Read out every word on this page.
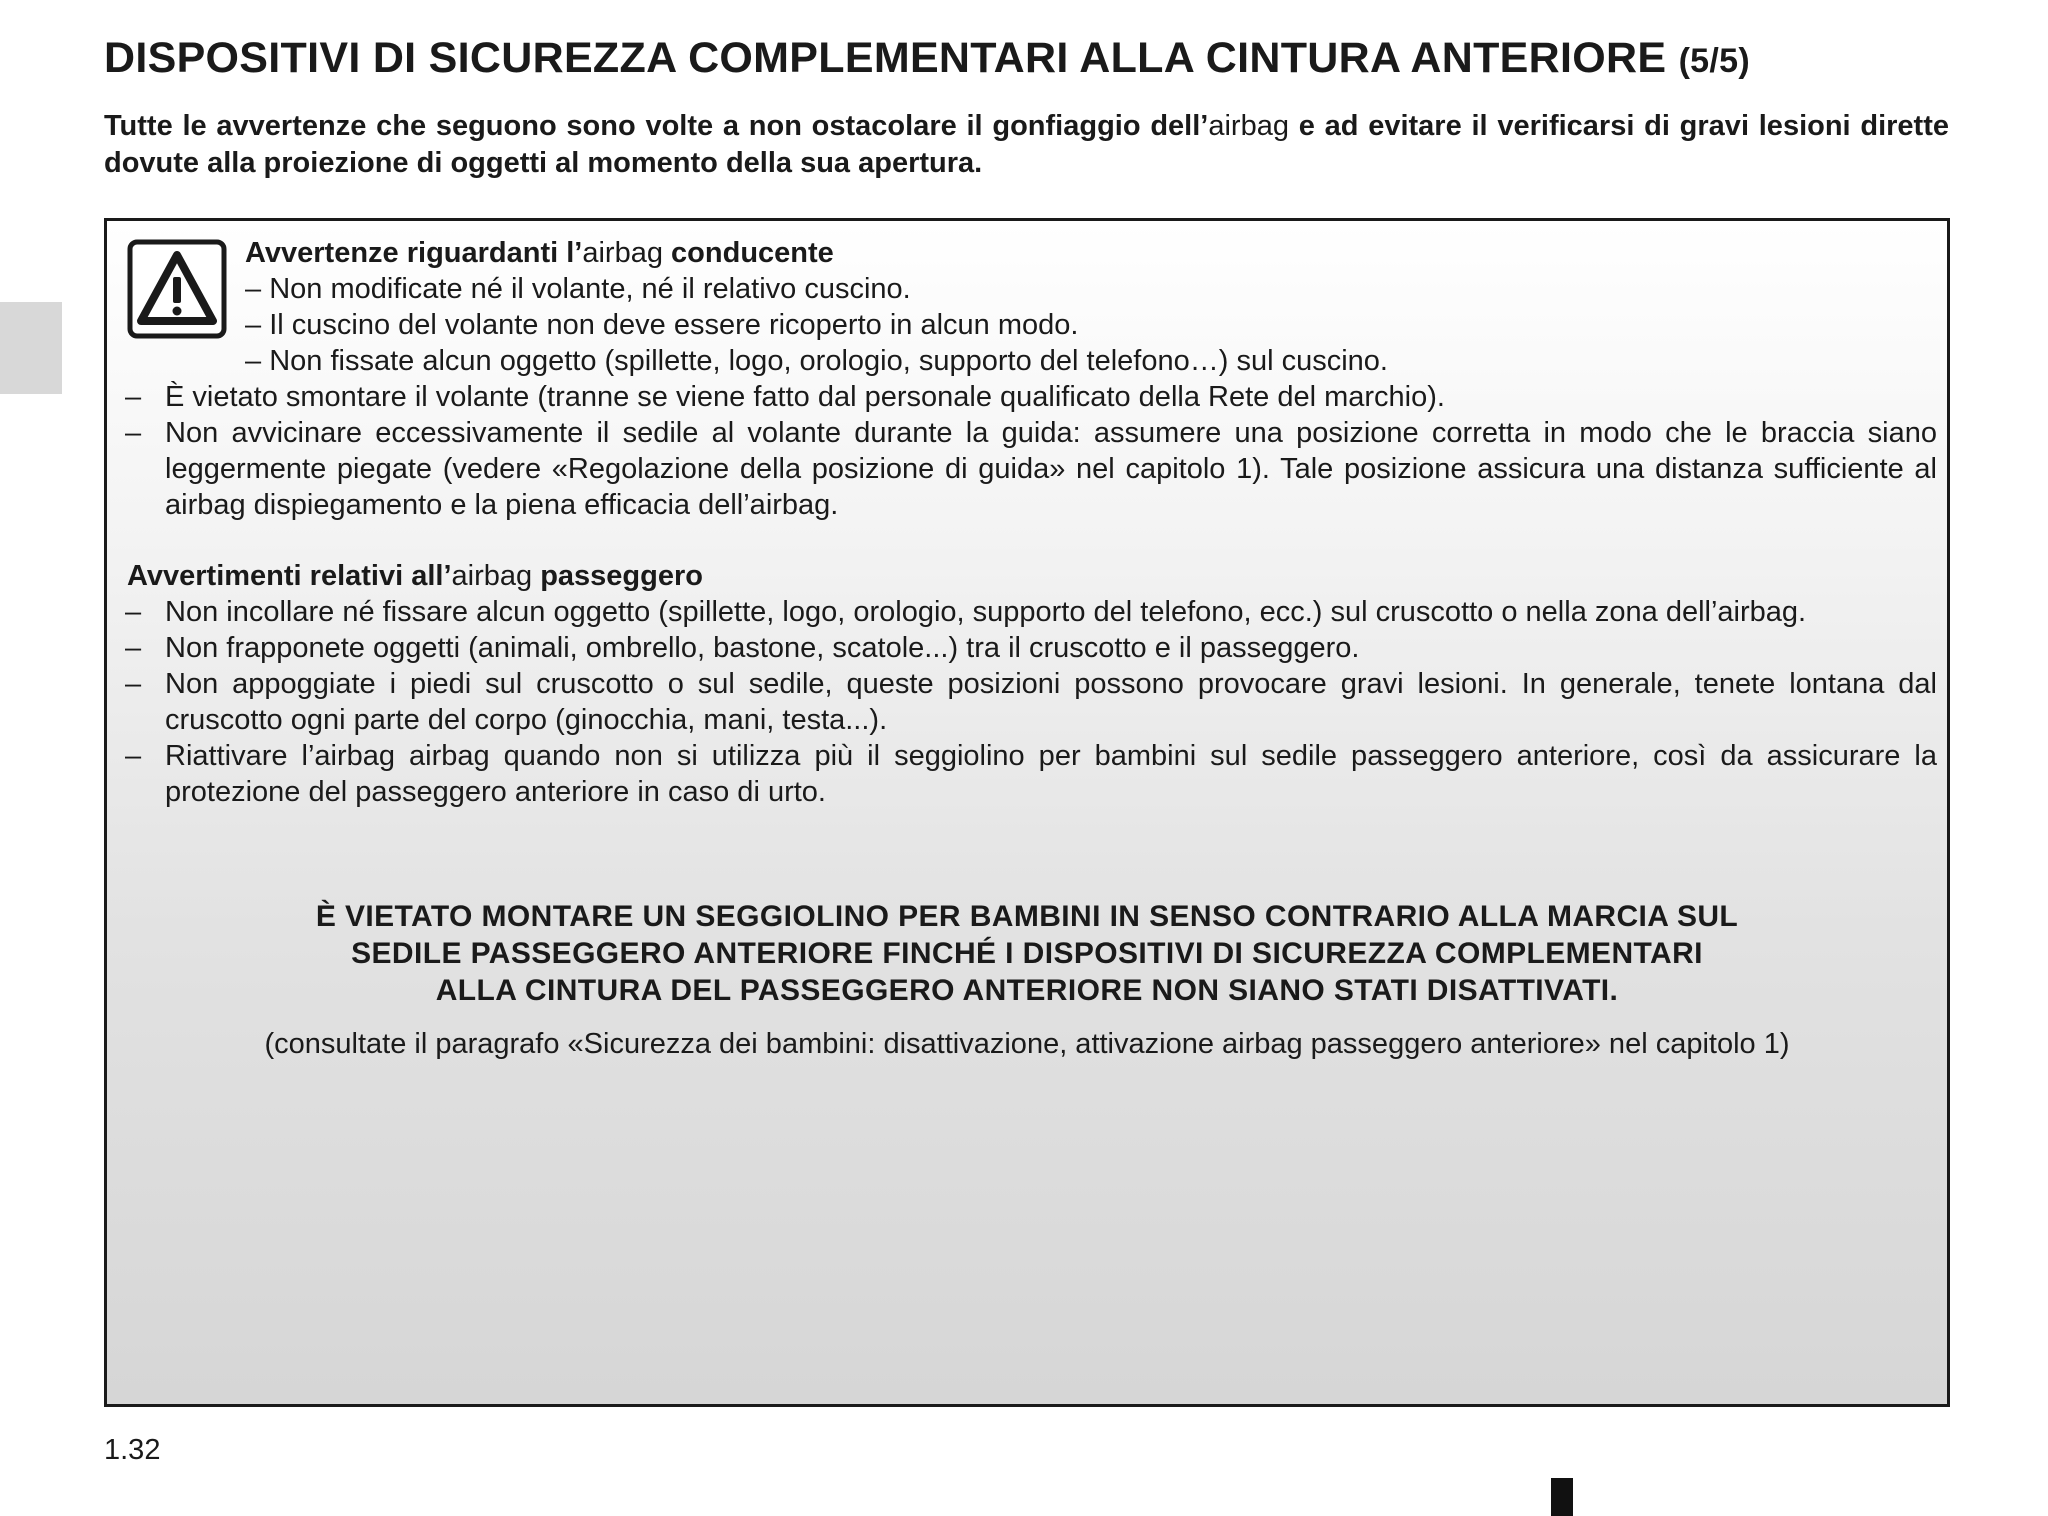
DISPOSITIVI DI SICUREZZA COMPLEMENTARI ALLA CINTURA ANTERIORE (5/5)

Tutte le avvertenze che seguono sono volte a non ostacolare il gonfiaggio dell’airbag e ad evitare il verificarsi di gravi lesioni dirette dovute alla proiezione di oggetti al momento della sua apertura.

Avvertenze riguardanti l’airbag conducente
– Non modificate né il volante, né il relativo cuscino.
– Il cuscino del volante non deve essere ricoperto in alcun modo.
– Non fissate alcun oggetto (spillette, logo, orologio, supporto del telefono…) sul cuscino.
– È vietato smontare il volante (tranne se viene fatto dal personale qualificato della Rete del marchio).
– Non avvicinare eccessivamente il sedile al volante durante la guida: assumere una posizione corretta in modo che le braccia siano leggermente piegate (vedere «Regolazione della posizione di guida» nel capitolo 1). Tale posizione assicura una distanza sufficiente al airbag dispiegamento e la piena efficacia dell’airbag.
Avvertimenti relativi all’airbag passeggero
– Non incollare né fissare alcun oggetto (spillette, logo, orologio, supporto del telefono, ecc.) sul cruscotto o nella zona dell’airbag.
– Non frapponete oggetti (animali, ombrello, bastone, scatole...) tra il cruscotto e il passeggero.
– Non appoggiate i piedi sul cruscotto o sul sedile, queste posizioni possono provocare gravi lesioni. In generale, tenete lontana dal cruscotto ogni parte del corpo (ginocchia, mani, testa...).
– Riattivare l’airbag airbag quando non si utilizza più il seggiolino per bambini sul sedile passeggero anteriore, così da assicurare la protezione del passeggero anteriore in caso di urto.
È VIETATO MONTARE UN SEGGIOLINO PER BAMBINI IN SENSO CONTRARIO ALLA MARCIA SUL
SEDILE PASSEGGERO ANTERIORE FINCHÉ I DISPOSITIVI DI SICUREZZA COMPLEMENTARI
ALLA CINTURA DEL PASSEGGERO ANTERIORE NON SIANO STATI DISATTIVATI.
(consultate il paragrafo «Sicurezza dei bambini: disattivazione, attivazione airbag passeggero anteriore» nel capitolo 1)
1.32
